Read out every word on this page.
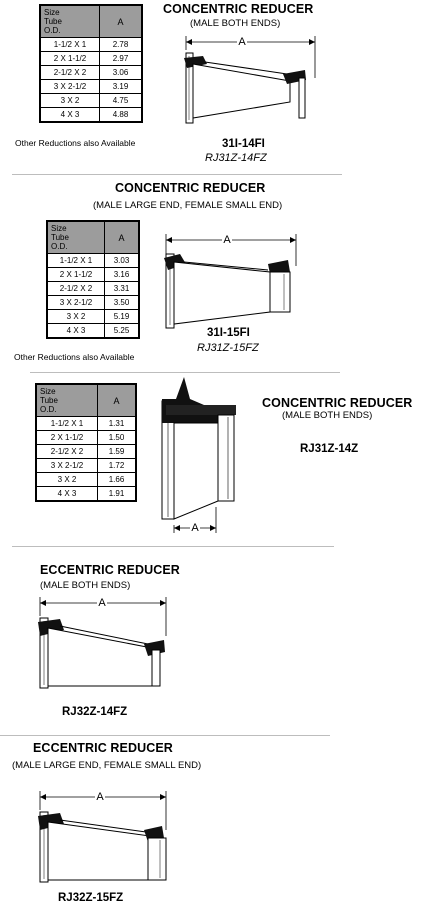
Size
Tube
O.D.	A
1-1/2 X 1	2.78
2 X 1-1/2	2.97
2-1/2 X 2	3.06
3 X 2-1/2	3.19
3 X 2	4.75
4 X 3	4.88
Other Reductions also Available
CONCENTRIC REDUCER
(MALE BOTH ENDS)
A
31I-14FI
RJ31Z-14FZ
CONCENTRIC REDUCER
(MALE LARGE END, FEMALE SMALL END)
Size
Tube
O.D.	A
1-1/2 X 1	3.03
2 X 1-1/2	3.16
2-1/2 X 2	3.31
3 X 2-1/2	3.50
3 X 2	5.19
4 X 3	5.25
Other Reductions also Available
A
31I-15FI
RJ31Z-15FZ
Size
Tube
O.D.	A
1-1/2 X 1	1.31
2 X 1-1/2	1.50
2-1/2 X 2	1.59
3 X 2-1/2	1.72
3 X 2	1.66
4 X 3	1.91
A
CONCENTRIC REDUCER
(MALE BOTH ENDS)
RJ31Z-14Z
ECCENTRIC REDUCER
(MALE BOTH ENDS)
A
RJ32Z-14FZ
ECCENTRIC REDUCER
(MALE LARGE END, FEMALE SMALL END)
A
RJ32Z-15FZ
